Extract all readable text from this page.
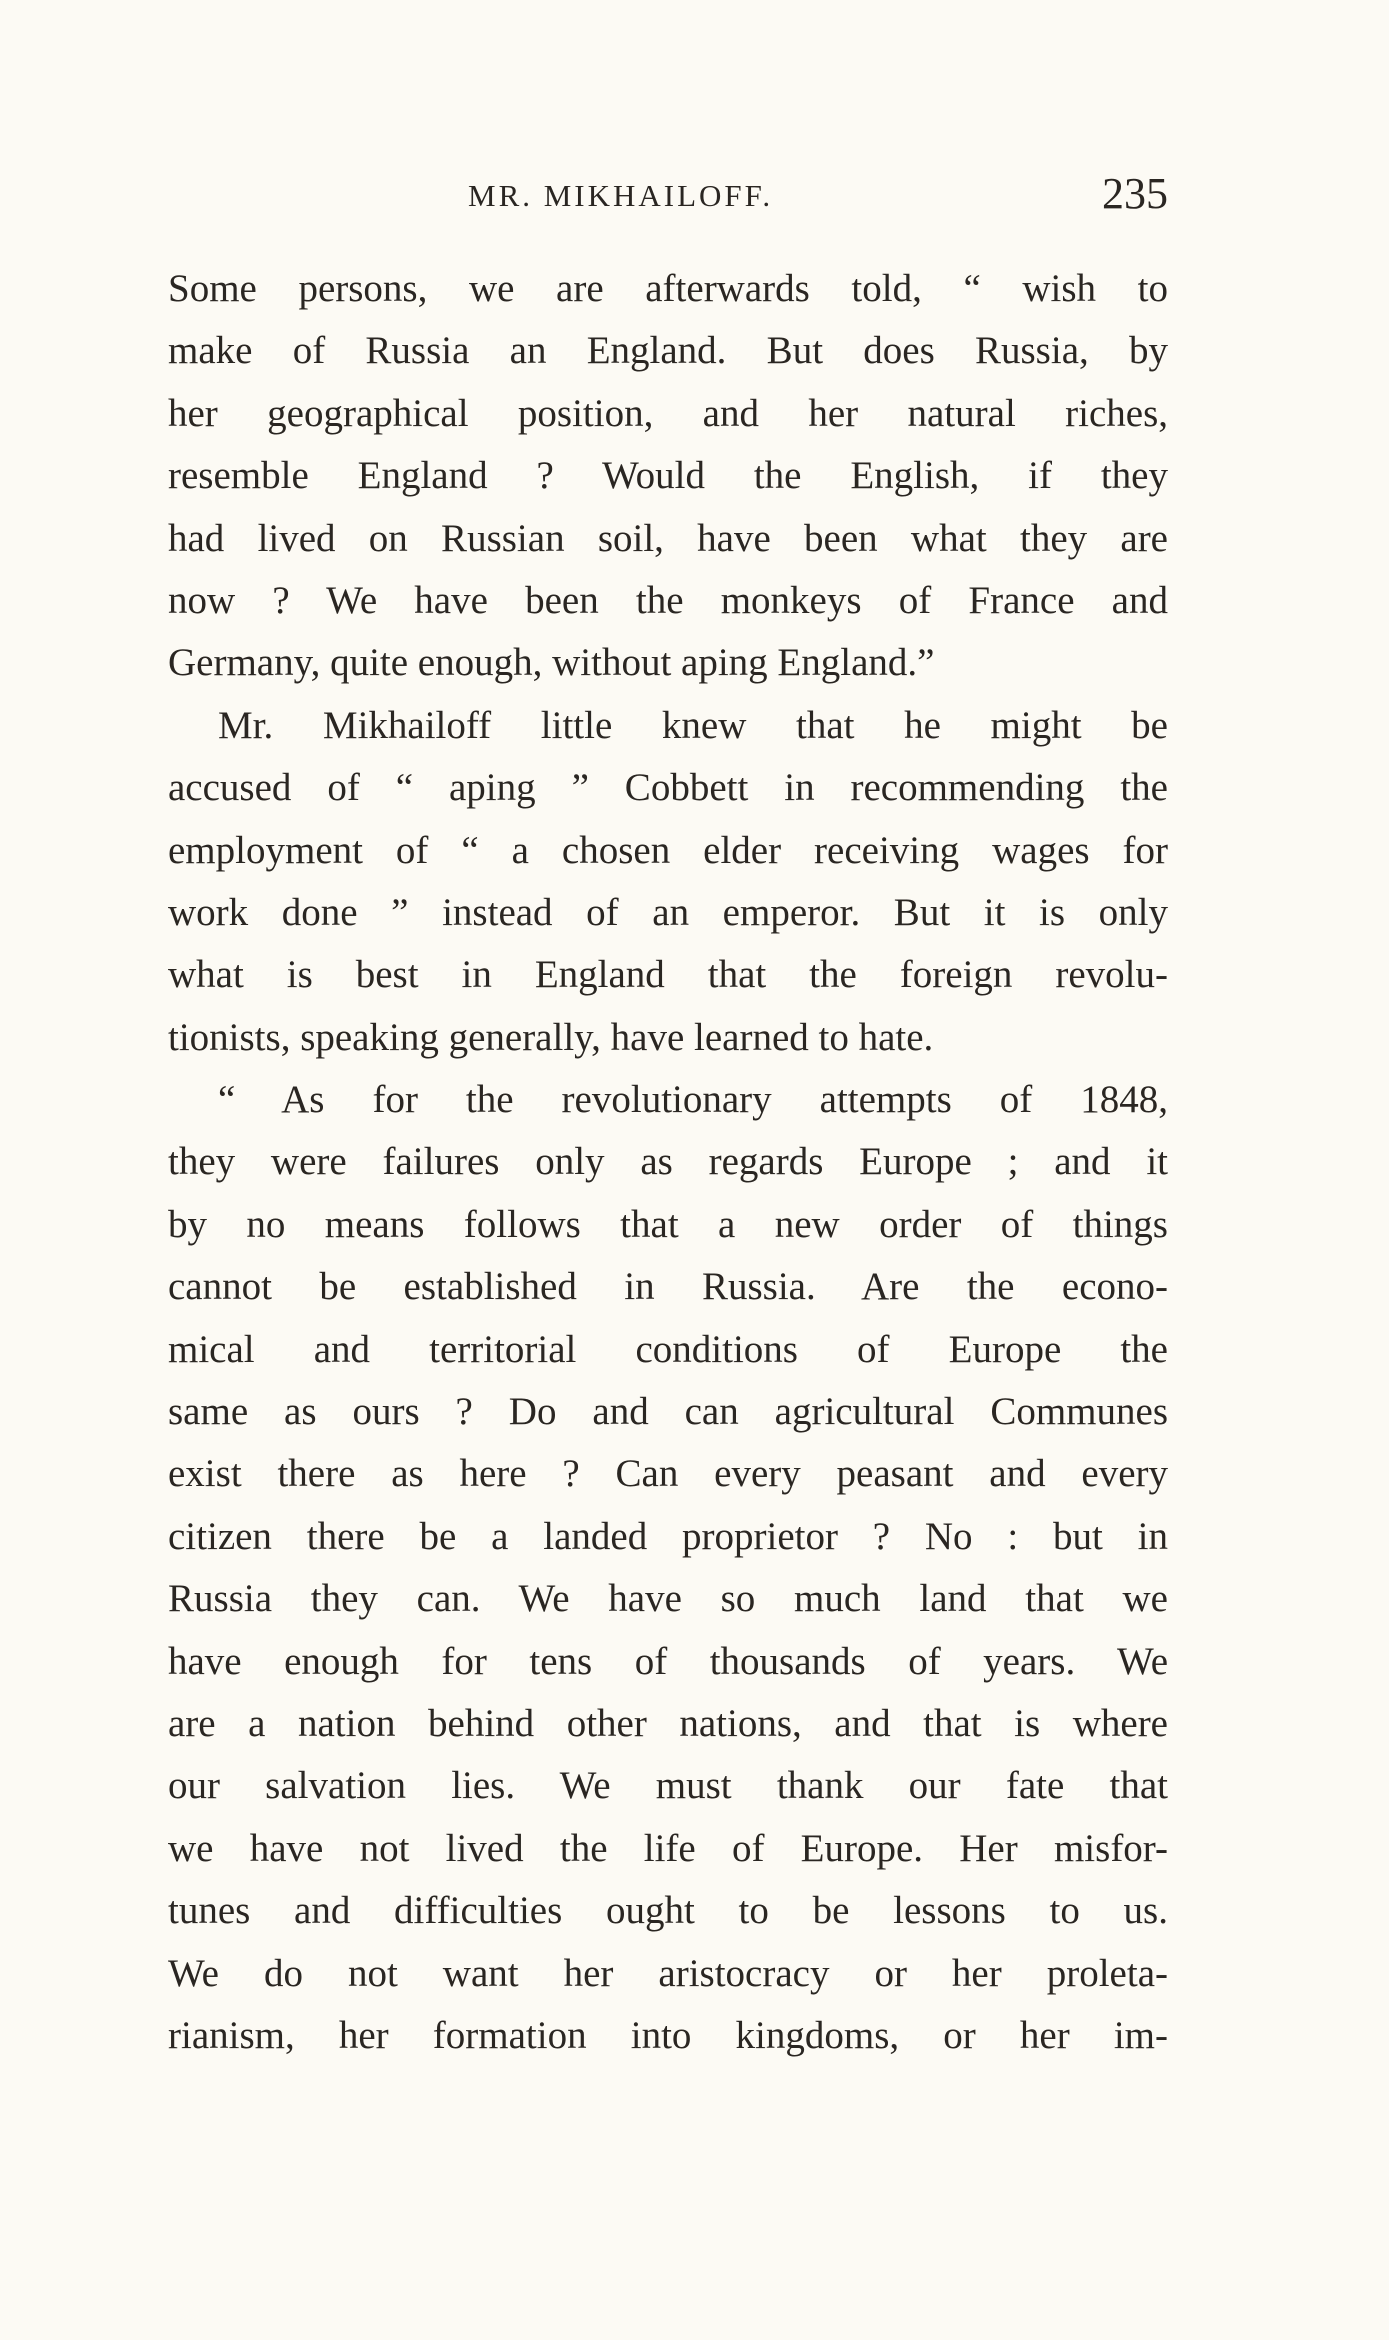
MR. MIKHAILOFF.	235
Some persons, we are afterwards told, “ wish to
make of Russia an England. But does Russia, by
her geographical position, and her natural riches,
resemble England ? Would the English, if they
had lived on Russian soil, have been what they are
now ? We have been the monkeys of France and
Germany, quite enough, without aping England.”
Mr. Mikhailoff little knew that he might be
accused of “ aping ” Cobbett in recommending the
employment of “ a chosen elder receiving wages for
work done ” instead of an emperor. But it is only
what is best in England that the foreign revolu-
tionists, speaking generally, have learned to hate.
“ As for the revolutionary attempts of 1848,
they were failures only as regards Europe ; and it
by no means follows that a new order of things
cannot be established in Russia. Are the econo-
mical and territorial conditions of Europe the
same as ours ? Do and can agricultural Communes
exist there as here ? Can every peasant and every
citizen there be a landed proprietor ? No : but in
Russia they can. We have so much land that we
have enough for tens of thousands of years. We
are a nation behind other nations, and that is where
our salvation lies. We must thank our fate that
we have not lived the life of Europe. Her misfor-
tunes and difficulties ought to be lessons to us.
We do not want her aristocracy or her proleta-
rianism, her formation into kingdoms, or her im-
